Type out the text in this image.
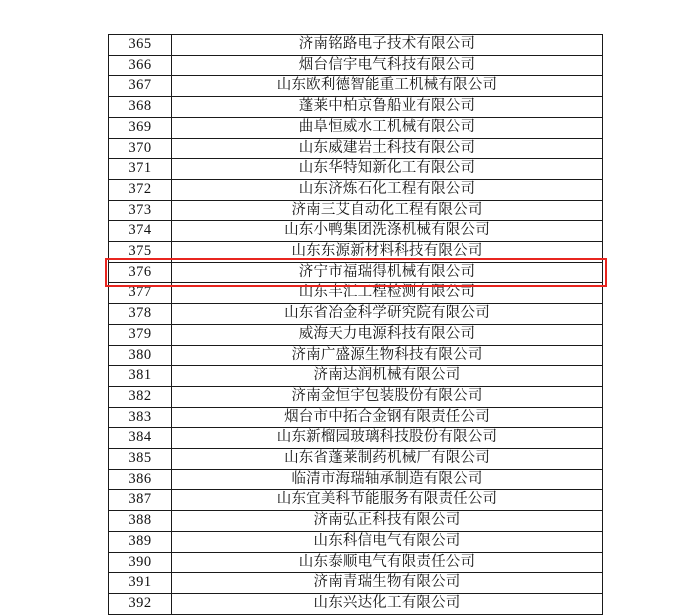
365	济南铭路电子技术有限公司
366	烟台信宇电气科技有限公司
367	山东欧利德智能重工机械有限公司
368	蓬莱中柏京鲁船业有限公司
369	曲阜恒威水工机械有限公司
370	山东威建岩土科技有限公司
371	山东华特知新化工有限公司
372	山东济炼石化工程有限公司
373	济南三艾自动化工程有限公司
374	山东小鸭集团洗涤机械有限公司
375	山东东源新材料科技有限公司
376	济宁市福瑞得机械有限公司
377	山东丰汇工程检测有限公司
378	山东省冶金科学研究院有限公司
379	威海天力电源科技有限公司
380	济南广盛源生物科技有限公司
381	济南达润机械有限公司
382	济南金恒宇包装股份有限公司
383	烟台市中拓合金钢有限责任公司
384	山东新榴园玻璃科技股份有限公司
385	山东省蓬莱制药机械厂有限公司
386	临清市海瑞轴承制造有限公司
387	山东宜美科节能服务有限责任公司
388	济南弘正科技有限公司
389	山东科信电气有限公司
390	山东泰顺电气有限责任公司
391	济南青瑞生物有限公司
392	山东兴达化工有限公司
